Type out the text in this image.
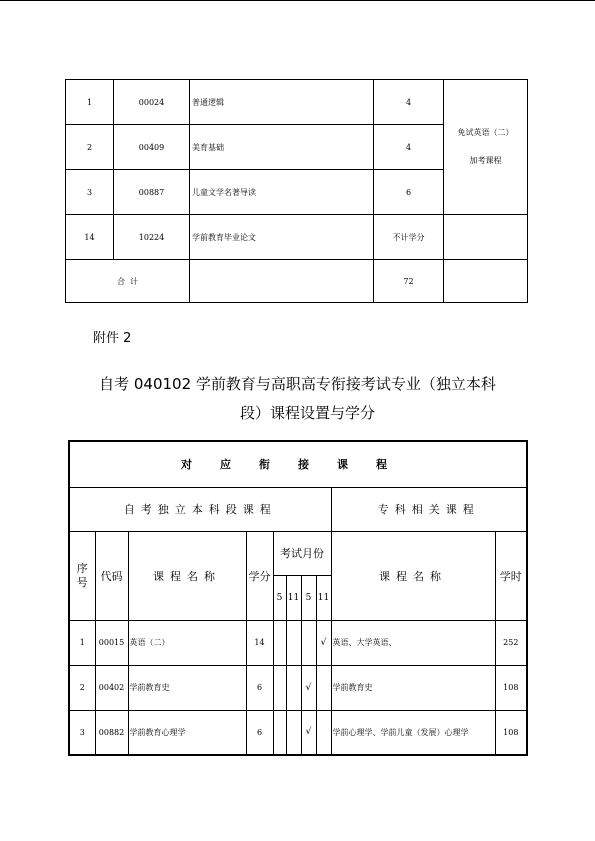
1	00024	普通逻辑	4	免试英语（二）
加考课程

2	00409	美育基础	4	
3	00887	儿童文学名著导读	6	
14	10224	学前教育毕业论文	不计学分	
合  计			72	
附件 2
自考 040102 学前教育与高职高专衔接考试专业（独立本科
段）课程设置与学分
对应衔接课程									
自考独立本科段课程								专科相关课程	
序号	代码	课程名称	学分	考试月份				课程名称	学时
				5	11	5	11		
1	00015	英语（二）	14				√	英语、大学英语、	252
2	00402	学前教育史	6			√		学前教育史	108
3	00882	学前教育心理学	6			√		学前心理学、学前儿童（发展）心理学	108
